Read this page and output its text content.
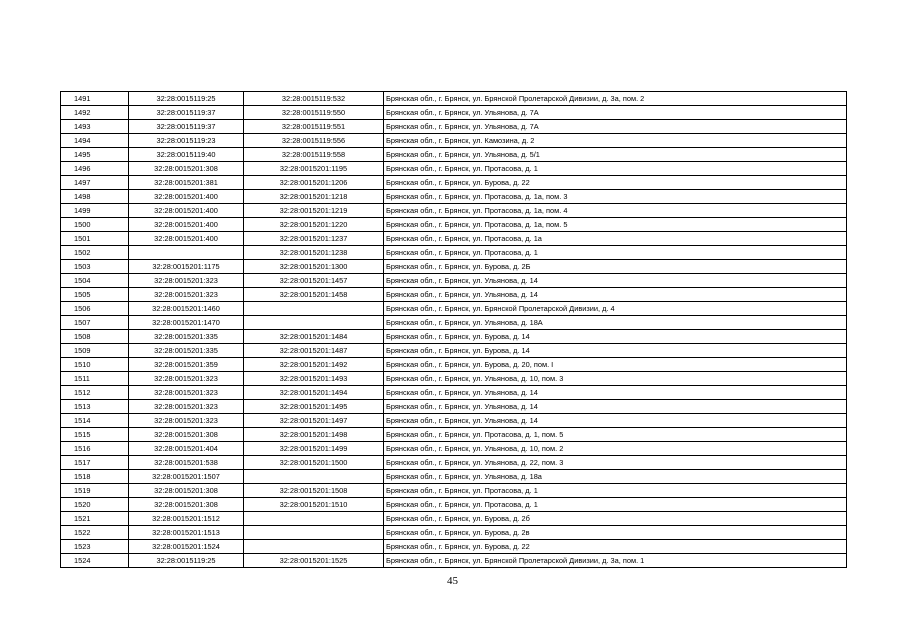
1491	32:28:0015119:25	32:28:0015119:532	Брянская обл., г. Брянск, ул. Брянской Пролетарской Дивизии, д. 3а, пом. 2
1492	32:28:0015119:37	32:28:0015119:550	Брянская обл., г. Брянск, ул. Ульянова, д. 7А
1493	32:28:0015119:37	32:28:0015119:551	Брянская обл., г. Брянск, ул. Ульянова, д. 7А
1494	32:28:0015119:23	32:28:0015119:556	Брянская обл., г. Брянск, ул. Камозина, д. 2
1495	32:28:0015119:40	32:28:0015119:558	Брянская обл., г. Брянск, ул. Ульянова, д. 5/1
1496	32:28:0015201:308	32:28:0015201:1195	Брянская обл., г. Брянск, ул. Протасова, д. 1
1497	32:28:0015201:381	32:28:0015201:1206	Брянская обл., г. Брянск, ул. Бурова, д. 22
1498	32:28:0015201:400	32:28:0015201:1218	Брянская обл., г. Брянск, ул. Протасова, д. 1а, пом. 3
1499	32:28:0015201:400	32:28:0015201:1219	Брянская обл., г. Брянск, ул. Протасова, д. 1а, пом. 4
1500	32:28:0015201:400	32:28:0015201:1220	Брянская обл., г. Брянск, ул. Протасова, д. 1а, пом. 5
1501	32:28:0015201:400	32:28:0015201:1237	Брянская обл., г. Брянск, ул. Протасова, д. 1а
1502		32:28:0015201:1238	Брянская обл., г. Брянск, ул. Протасова, д. 1
1503	32:28:0015201:1175	32:28:0015201:1300	Брянская обл., г. Брянск, ул. Бурова, д. 2Б
1504	32:28:0015201:323	32:28:0015201:1457	Брянская обл., г. Брянск, ул. Ульянова, д. 14
1505	32:28:0015201:323	32:28:0015201:1458	Брянская обл., г. Брянск, ул. Ульянова, д. 14
1506	32:28:0015201:1460		Брянская обл., г. Брянск, ул. Брянской Пролетарской Дивизии, д. 4
1507	32:28:0015201:1470		Брянская обл., г. Брянск, ул. Ульянова, д. 18А
1508	32:28:0015201:335	32:28:0015201:1484	Брянская обл., г. Брянск, ул. Бурова, д. 14
1509	32:28:0015201:335	32:28:0015201:1487	Брянская обл., г. Брянск, ул. Бурова, д. 14
1510	32:28:0015201:359	32:28:0015201:1492	Брянская обл., г. Брянск, ул. Бурова, д. 20, пом. I
1511	32:28:0015201:323	32:28:0015201:1493	Брянская обл., г. Брянск, ул. Ульянова, д. 10, пом. 3
1512	32:28:0015201:323	32:28:0015201:1494	Брянская обл., г. Брянск, ул. Ульянова, д. 14
1513	32:28:0015201:323	32:28:0015201:1495	Брянская обл., г. Брянск, ул. Ульянова, д. 14
1514	32:28:0015201:323	32:28:0015201:1497	Брянская обл., г. Брянск, ул. Ульянова, д. 14
1515	32:28:0015201:308	32:28:0015201:1498	Брянская обл., г. Брянск, ул. Протасова, д. 1, пом. 5
1516	32:28:0015201:404	32:28:0015201:1499	Брянская обл., г. Брянск, ул. Ульянова, д. 10, пом. 2
1517	32:28:0015201:538	32:28:0015201:1500	Брянская обл., г. Брянск, ул. Ульянова, д. 22, пом. 3
1518	32:28:0015201:1507		Брянская обл., г. Брянск, ул. Ульянова, д. 18а
1519	32:28:0015201:308	32:28:0015201:1508	Брянская обл., г. Брянск, ул. Протасова, д. 1
1520	32:28:0015201:308	32:28:0015201:1510	Брянская обл., г. Брянск, ул. Протасова, д. 1
1521	32:28:0015201:1512		Брянская обл., г. Брянск, ул. Бурова, д. 2б
1522	32:28:0015201:1513		Брянская обл., г. Брянск, ул. Бурова, д. 2в
1523	32:28:0015201:1524		Брянская обл., г. Брянск, ул. Бурова, д. 22
1524	32:28:0015119:25	32:28:0015201:1525	Брянская обл., г. Брянск, ул. Брянской Пролетарской Дивизии, д. 3а, пом. 1
45
